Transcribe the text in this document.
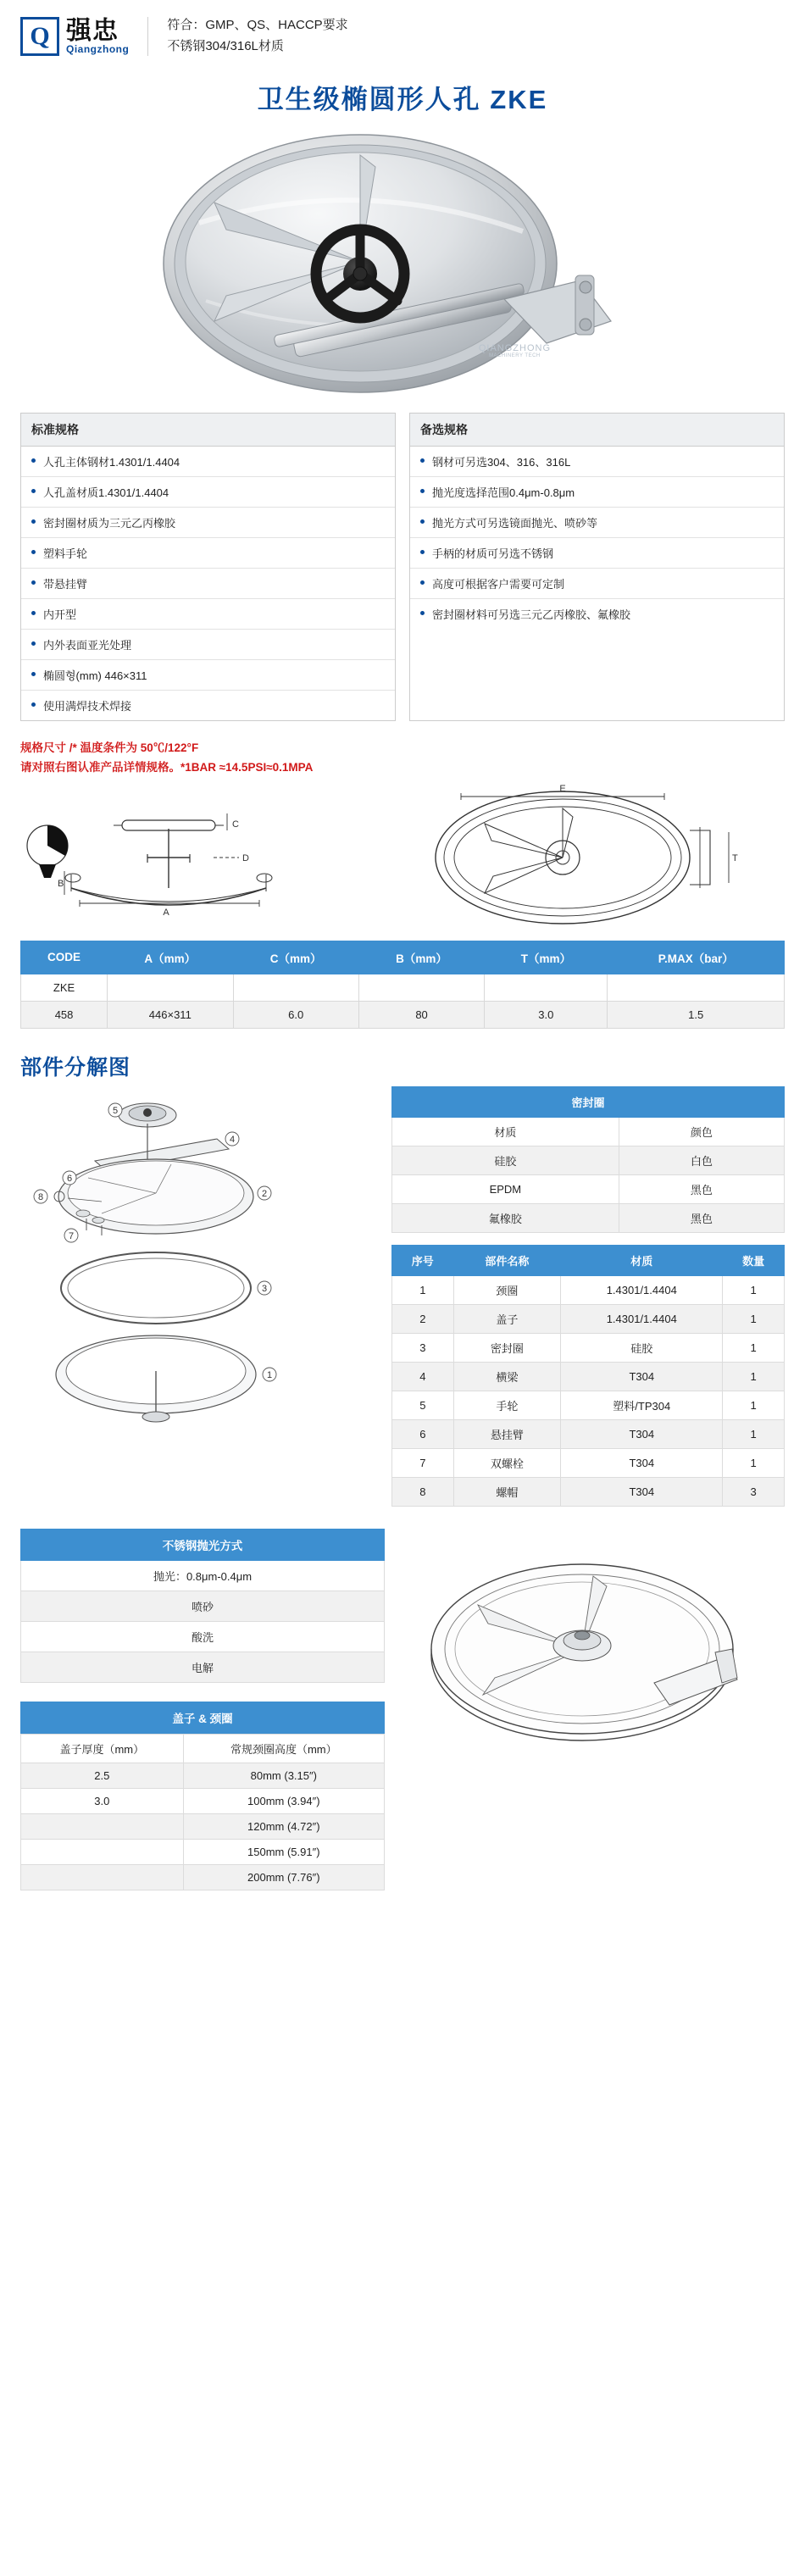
Q 强忠
Qiangzhong
符合：GMP、QS、HACCP要求
不锈钢304/316L材质
卫生级椭圆形人孔 ZKE
QIANGZHONG
MACHINERY TECH
标准规格
人孔主体钢材1.4301/1.4404
人孔盖材质1.4301/1.4404
密封圈材质为三元乙丙橡胶
塑料手轮
带悬挂臂
内开型
内外表面亚光处理
椭圆형(mm) 446×311
使用满焊技术焊接
备选规格
钢材可另选304、316、316L
抛光度选择范围0.4μm-0.8μm
抛光方式可另选镜面抛光、喷砂等
手柄的材质可另选不锈钢
高度可根据客户需要可定制
密封圈材料可另选三元乙丙橡胶、氟橡胶
规格尺寸 /* 温度条件为 50℃/122°F
请对照右图认准产品详情规格。*1BAR ≈14.5PSI≈0.1MPA
A
B
C
D
E
T
CODE	A（mm）	C（mm）	B（mm）	T（mm）	P.MAX（bar）
ZKE					
458	446×311	6.0	80	3.0	1.5
部件分解图
5
4
6
8
7
2
3
1
密封圈	
材质	颜色
硅胶	白色
EPDM	黑色
氟橡胶	黑色
序号	部件名称	材质	数量
1	颈圈	1.4301/1.4404	1
2	盖子	1.4301/1.4404	1
3	密封圈	硅胶	1
4	横梁	T304	1
5	手轮	塑料/TP304	1
6	悬挂臂	T304	1
7	双螺栓	T304	1
8	螺帽	T304	3
不锈钢抛光方式
抛光：0.8μm-0.4μm
喷砂
酸洗
电解
盖子 & 颈圈
盖子厚度（mm）	常规颈圈高度（mm）
2.5	80mm (3.15″)
3.0	100mm (3.94″)
	120mm (4.72″)
	150mm (5.91″)
	200mm (7.76″)
